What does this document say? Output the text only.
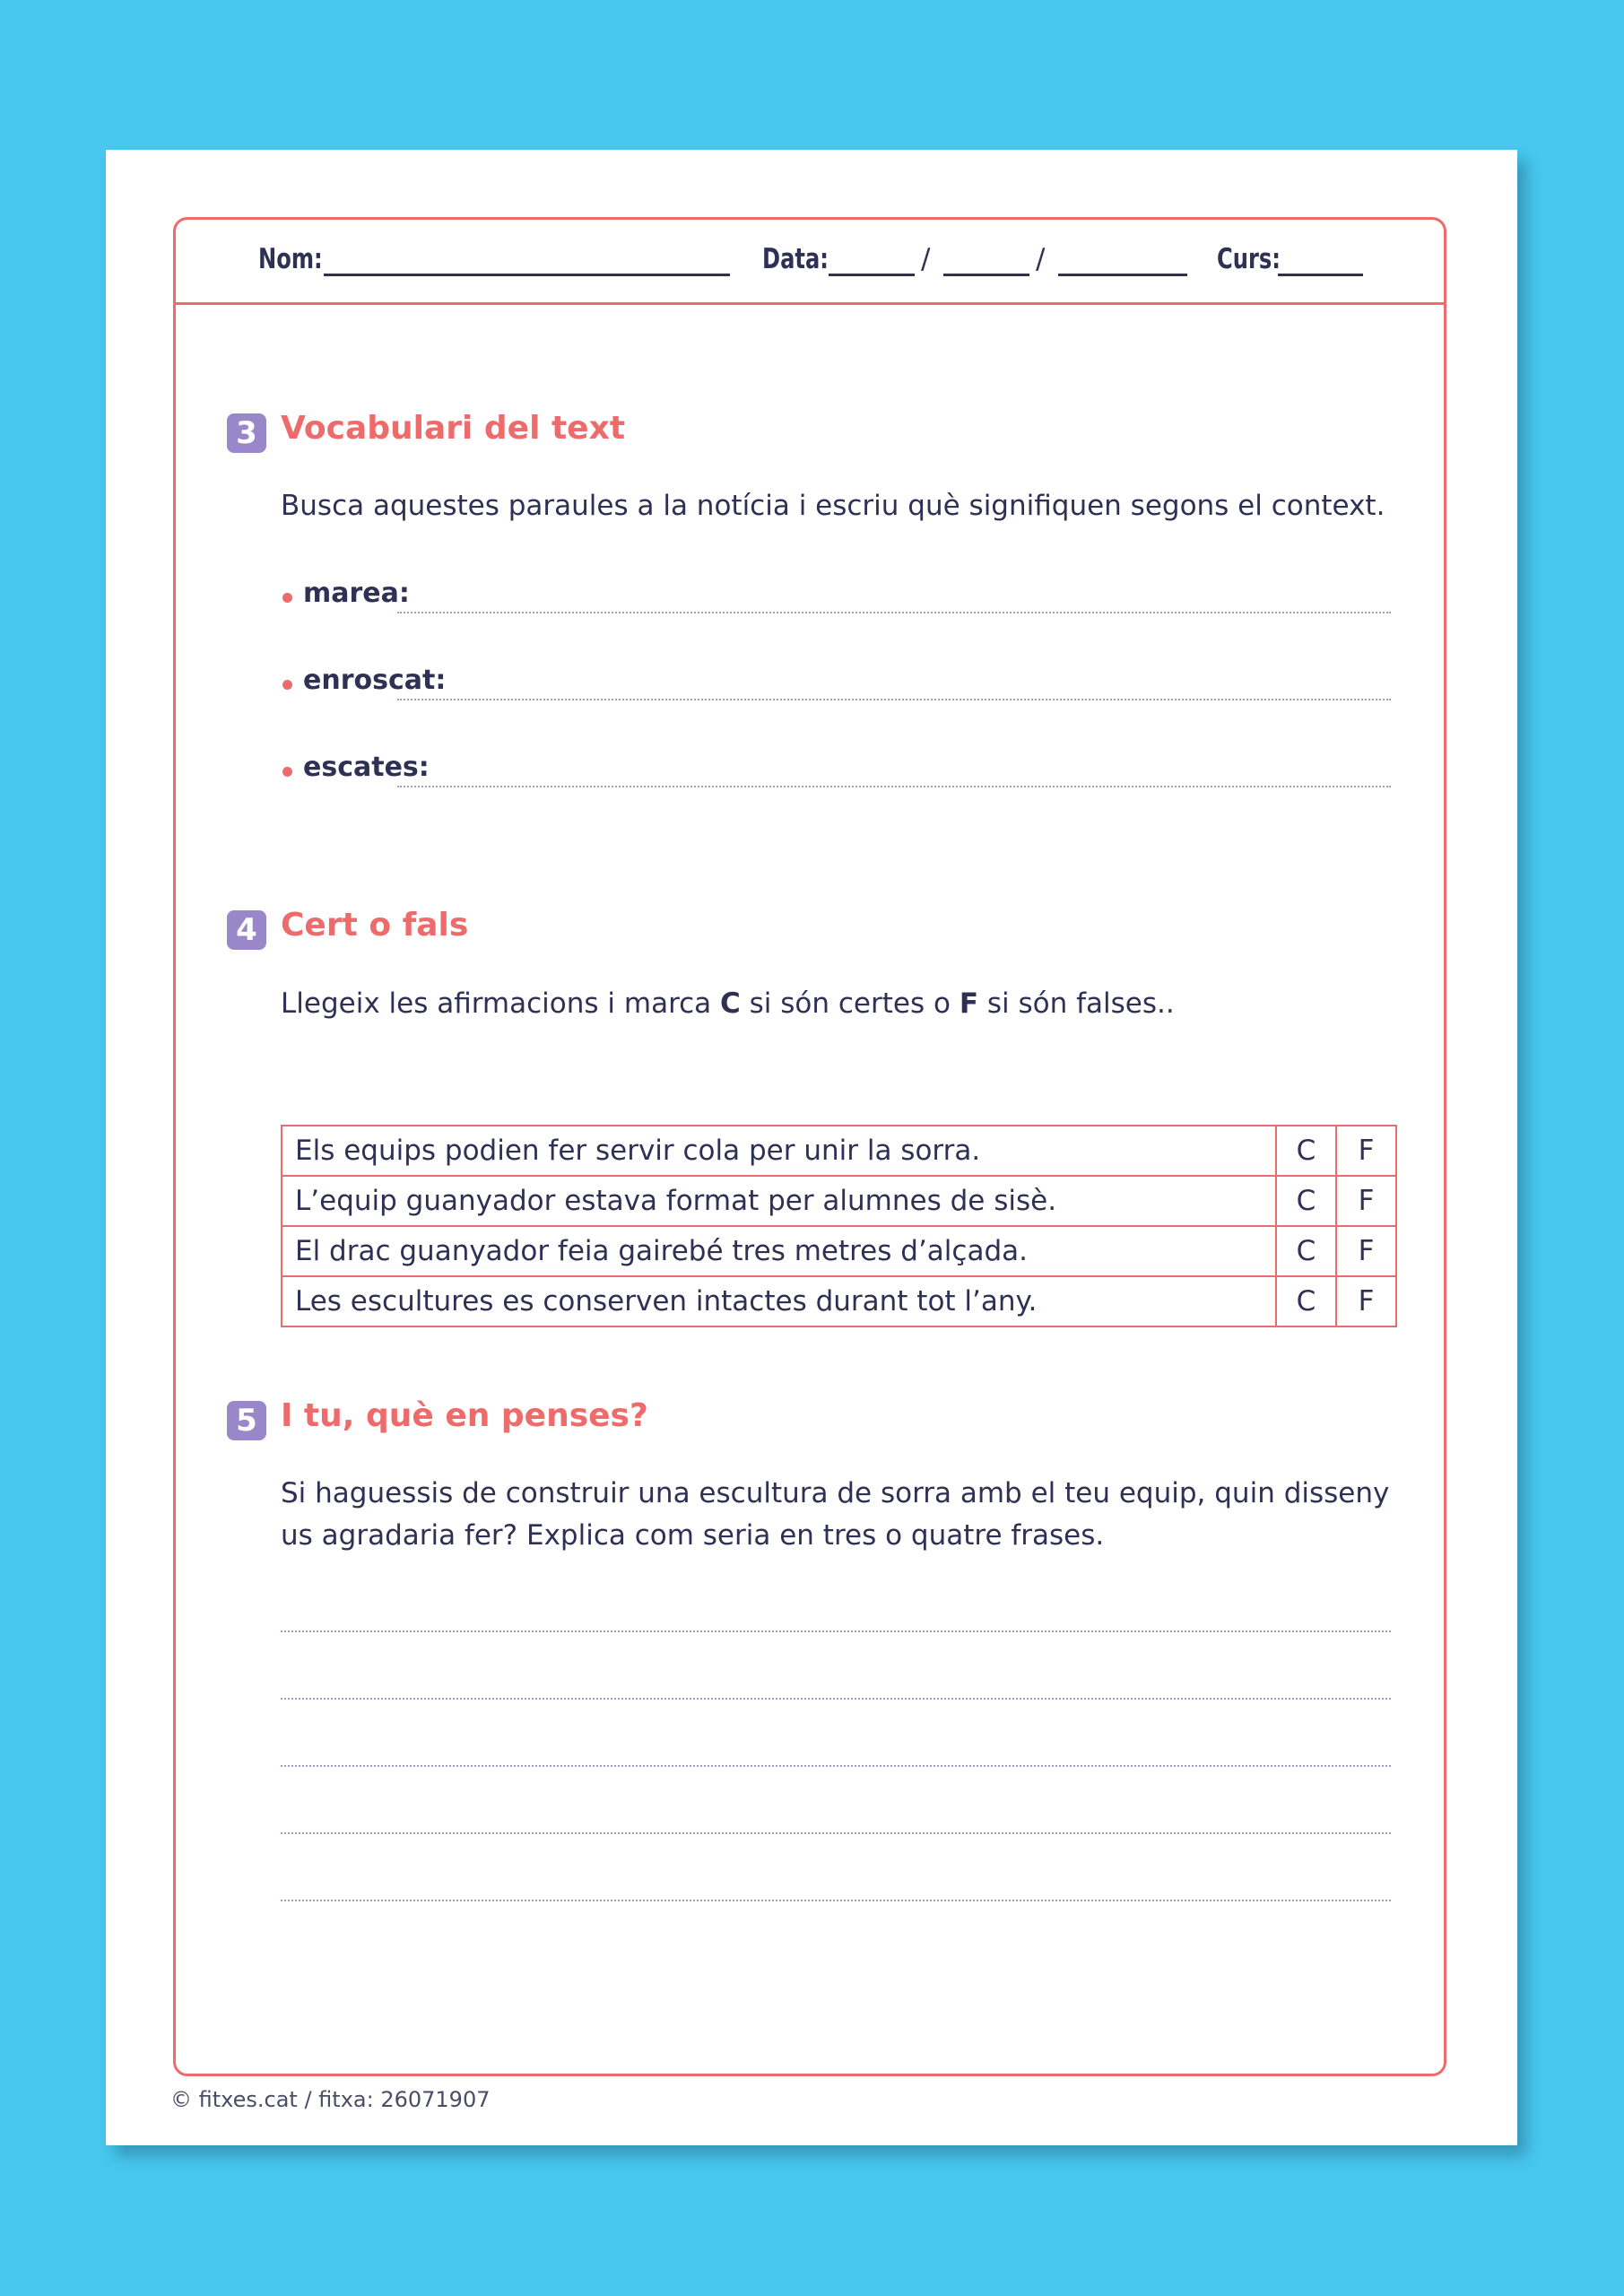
Nom:	Data:	/	/	Curs:
3 Vocabulari del text
Busca aquestes paraules a la notícia i escriu què signifiquen segons el context.
marea:
enroscat:
escates:
4 Cert o fals
Llegeix les afirmacions i marca C si són certes o F si són falses..
Els equips podien fer servir cola per unir la sorra.	C	F
L’equip guanyador estava format per alumnes de sisè.	C	F
El drac guanyador feia gairebé tres metres d’alçada.	C	F
Les escultures es conserven intactes durant tot l’any.	C	F
5 I tu, què en penses?
Si haguessis de construir una escultura de sorra amb el teu equip, quin disseny us agradaria fer? Explica com seria en tres o quatre frases.
© fitxes.cat / fitxa: 26071907
